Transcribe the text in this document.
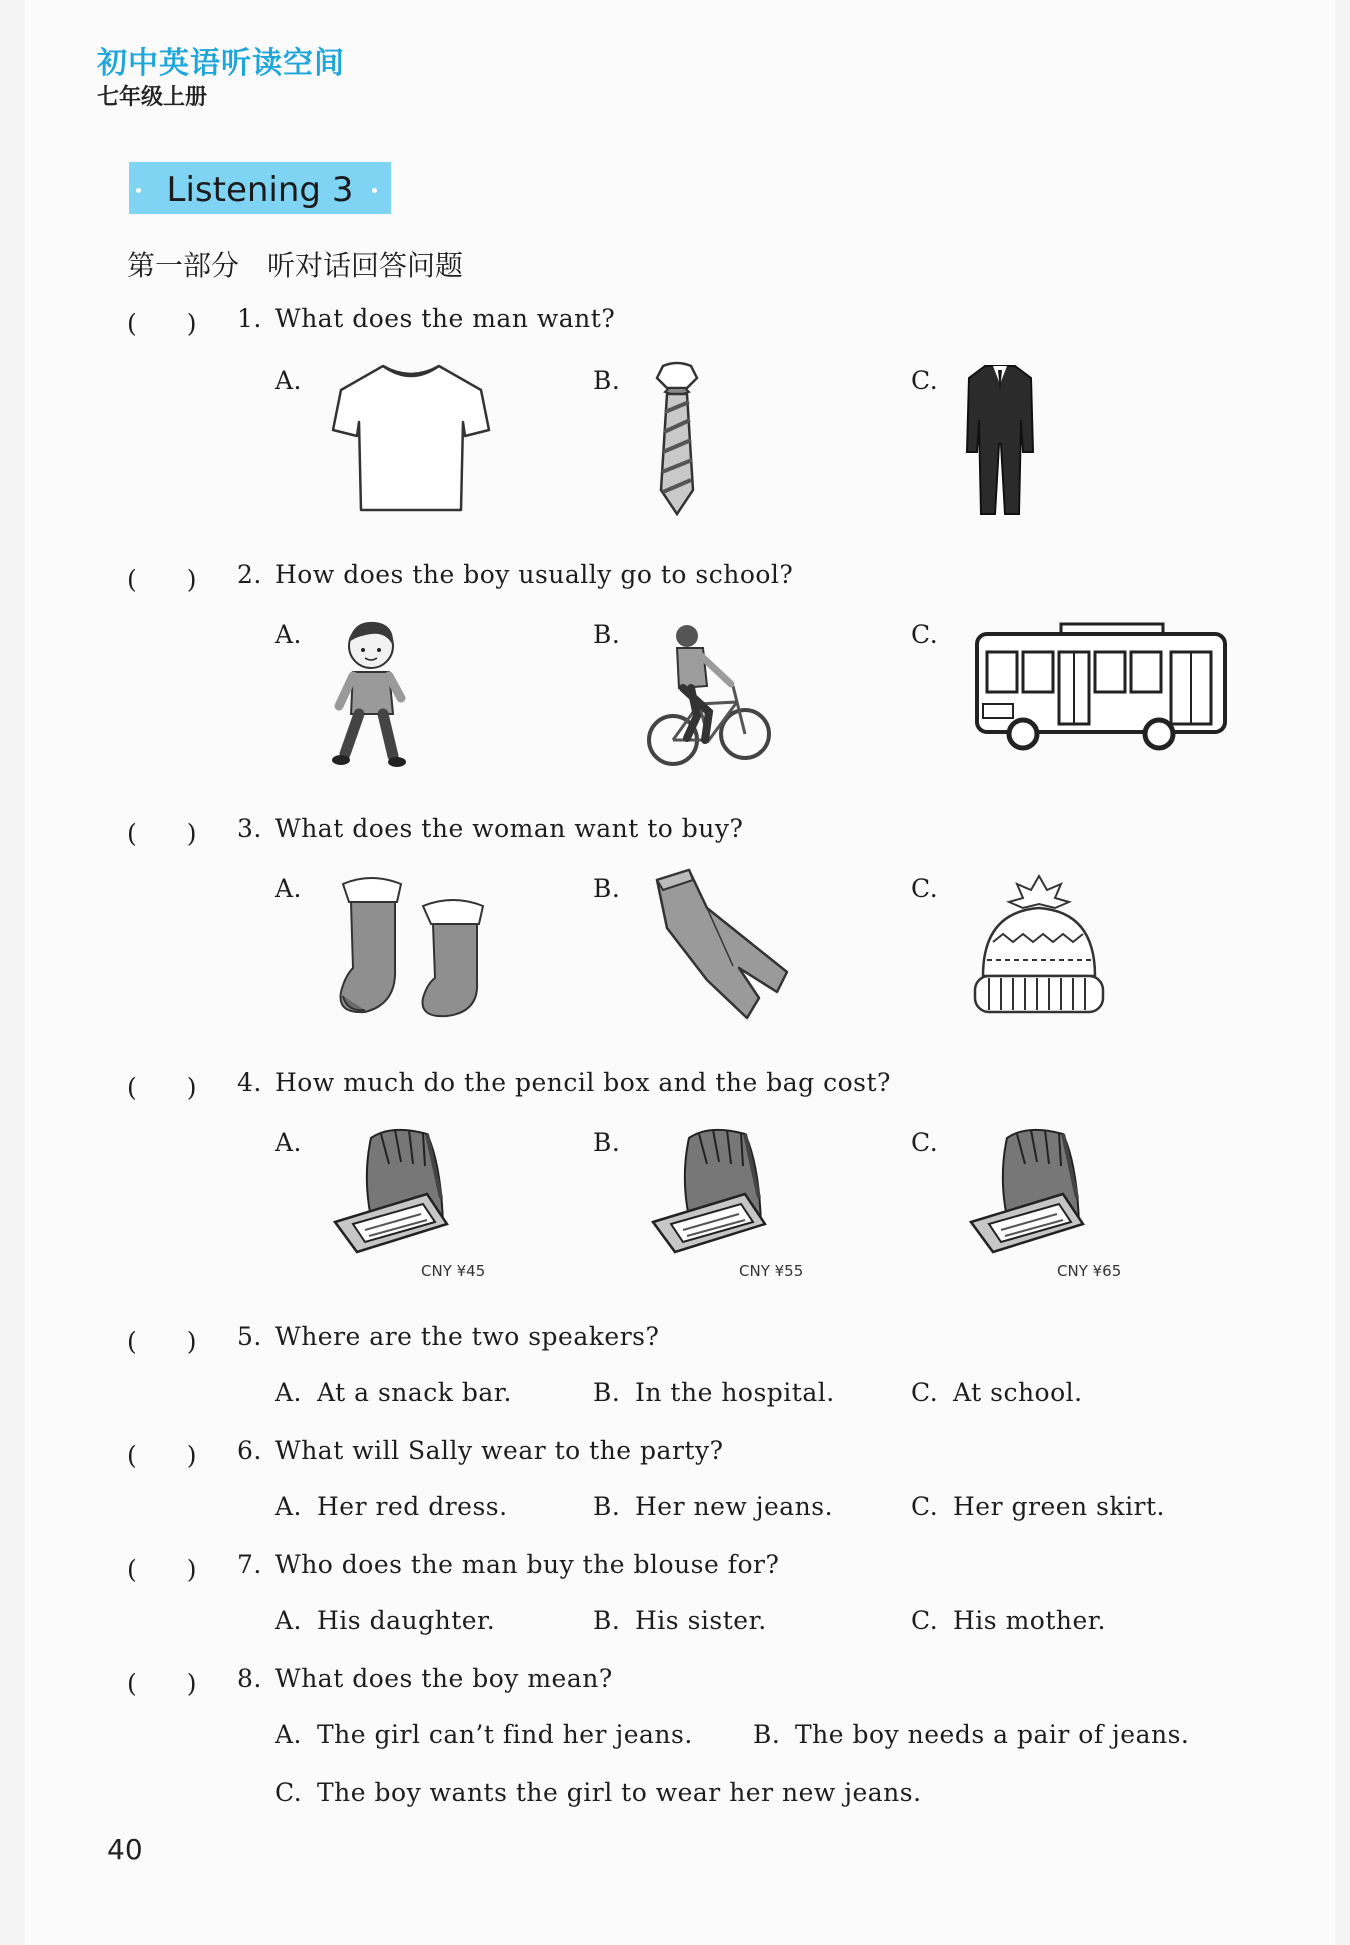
初中英语听读空间
七年级上册
Listening 3
第一部分　听对话回答问题
(　　) 1. What does the man want?
A.	B.	C.
(　　) 2. How does the boy usually go to school?
A.	B.	C.
(　　) 3. What does the woman want to buy?
A.	B.	C.
(　　) 4. How much do the pencil box and the bag cost?
A.	B.	C.
CNY ¥45	CNY ¥55	CNY ¥65
(　　) 5. Where are the two speakers?
A. At a snack bar.	B. In the hospital.	C. At school.
(　　) 6. What will Sally wear to the party?
A. Her red dress.	B. Her new jeans.	C. Her green skirt.
(　　) 7. Who does the man buy the blouse for?
A. His daughter.	B. His sister.	C. His mother.
(　　) 8. What does the boy mean?
A. The girl can’t find her jeans. B. The boy needs a pair of jeans.
C. The boy wants the girl to wear her new jeans.
40
